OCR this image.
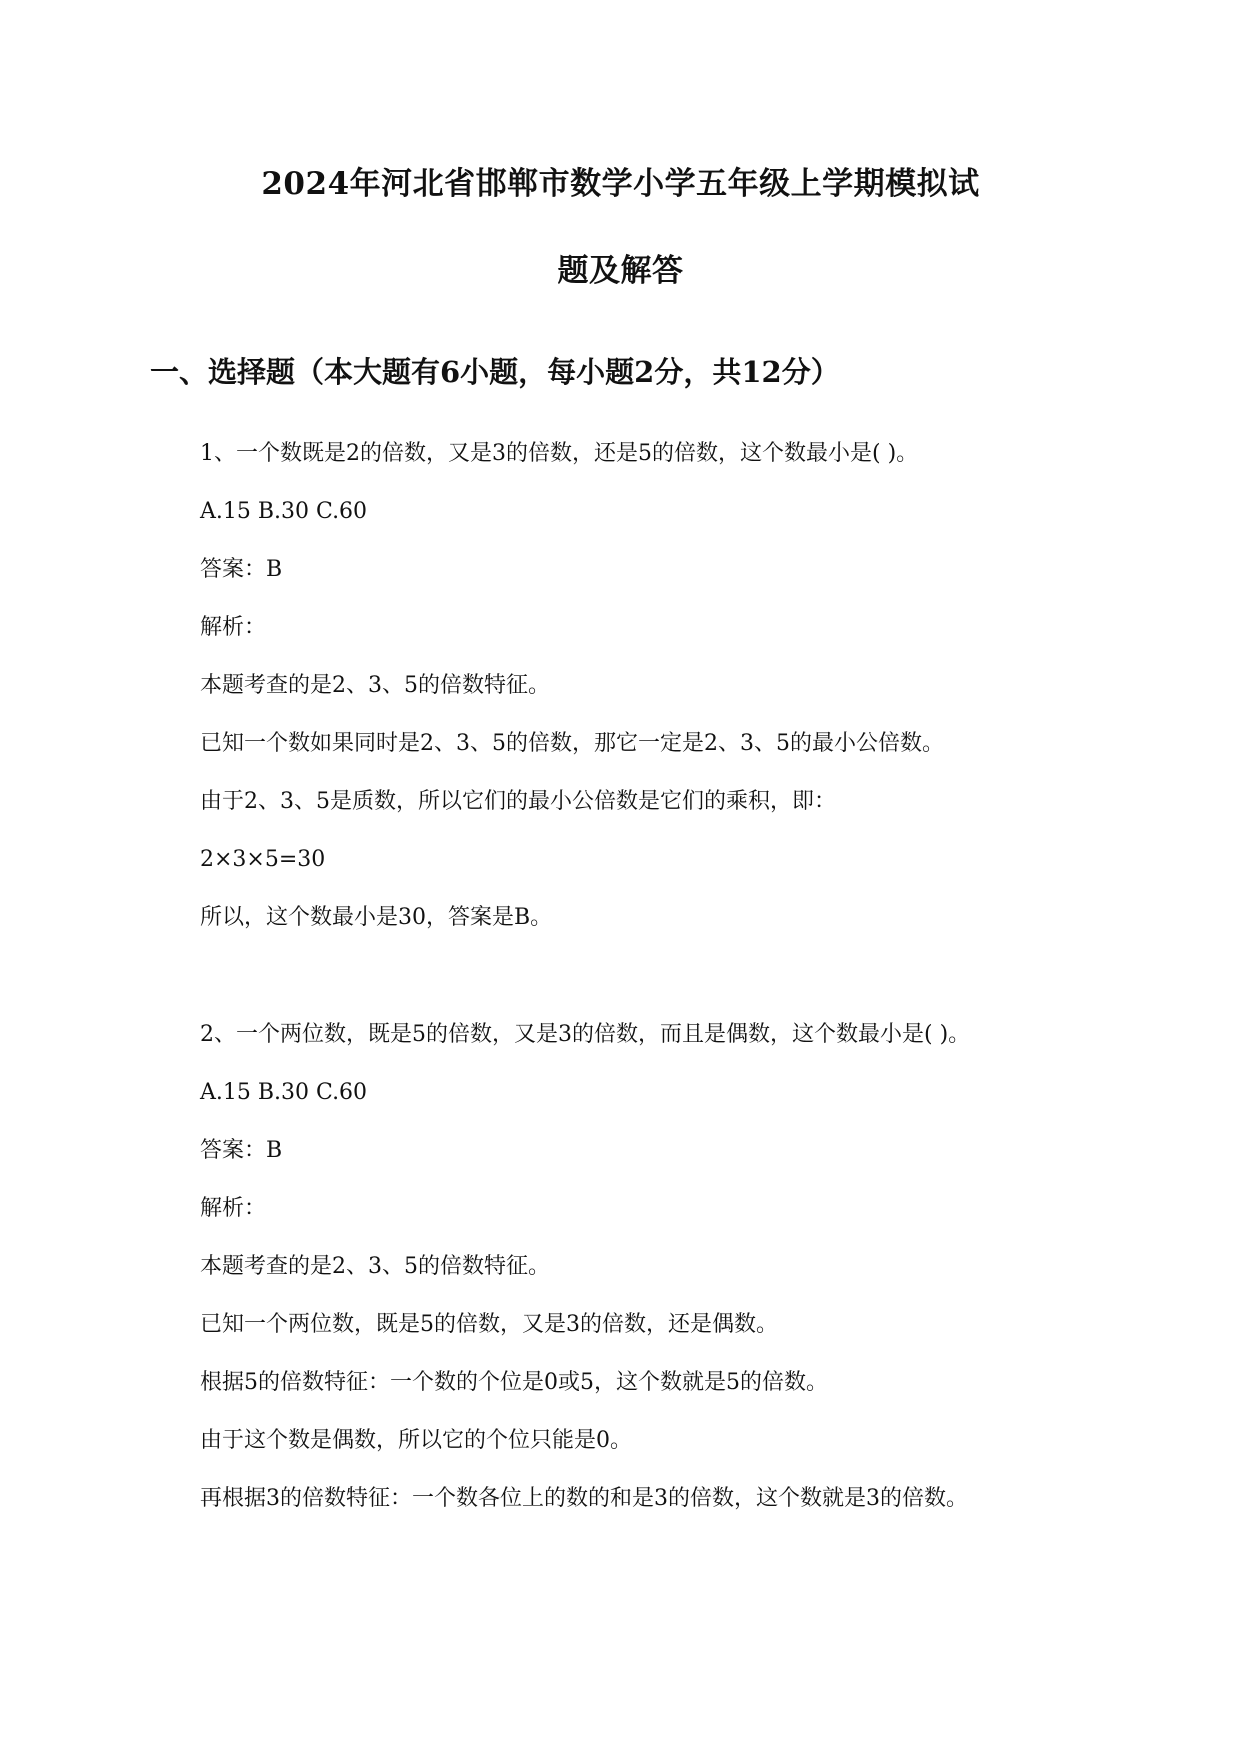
2024年河北省邯郸市数学小学五年级上学期模拟试
题及解答
一、选择题（本大题有6小题，每小题2分，共12分）
1、一个数既是2的倍数，又是3的倍数，还是5的倍数，这个数最小是( )。
A.15 B.30 C.60
答案：B
解析：
本题考查的是2、3、5的倍数特征。
已知一个数如果同时是2、3、5的倍数，那它一定是2、3、5的最小公倍数。
由于2、3、5是质数，所以它们的最小公倍数是它们的乘积，即：
2×3×5=30
所以，这个数最小是30，答案是B。
2、一个两位数，既是5的倍数，又是3的倍数，而且是偶数，这个数最小是( )。
A.15 B.30 C.60
答案：B
解析：
本题考查的是2、3、5的倍数特征。
已知一个两位数，既是5的倍数，又是3的倍数，还是偶数。
根据5的倍数特征：一个数的个位是0或5，这个数就是5的倍数。
由于这个数是偶数，所以它的个位只能是0。
再根据3的倍数特征：一个数各位上的数的和是3的倍数，这个数就是3的倍数。
